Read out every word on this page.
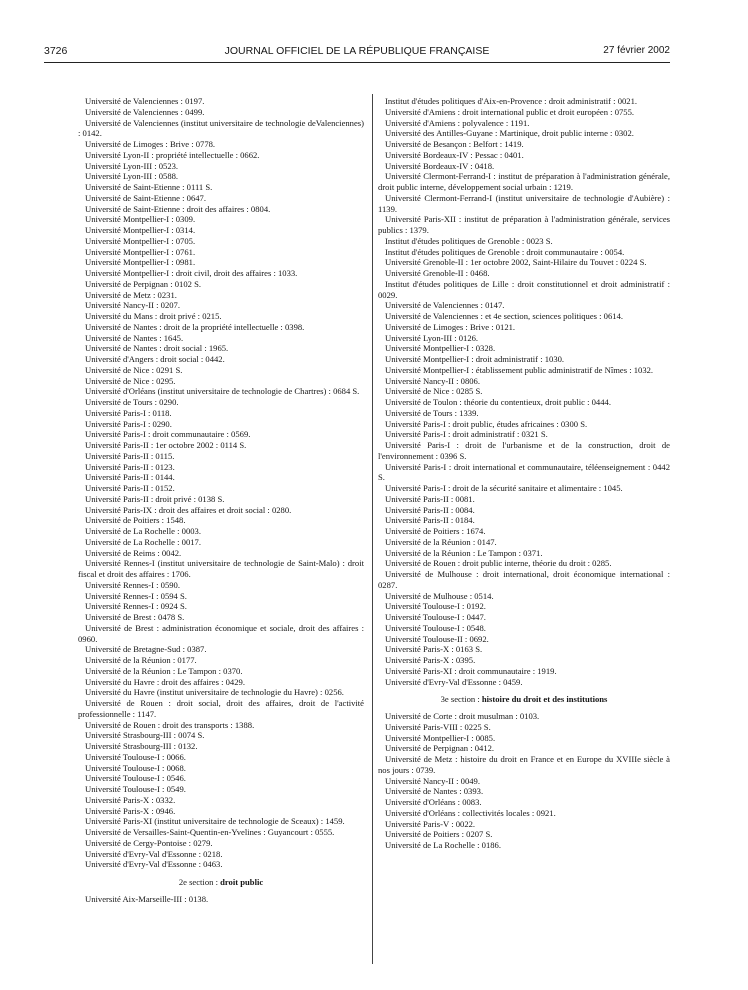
3726	JOURNAL OFFICIEL DE LA RÉPUBLIQUE FRANÇAISE	27 février 2002

Université de Valenciennes : 0197.

Université de Valenciennes : 0499.

Université de Valenciennes (institut universitaire de technologie deValenciennes) : 0142.

Université de Limoges : Brive : 0778.

Université Lyon-II : propriété intellectuelle : 0662.

Université Lyon-III : 0523.

Université Lyon-III : 0588.

Université de Saint-Etienne : 0111 S.

Université de Saint-Etienne : 0647.

Université de Saint-Etienne : droit des affaires : 0804.

Université Montpellier-I : 0309.

Université Montpellier-I : 0314.

Université Montpellier-I : 0705.

Université Montpellier-I : 0761.

Université Montpellier-I : 0981.

Université Montpellier-I : droit civil, droit des affaires : 1033.

Université de Perpignan : 0102 S.

Université de Metz : 0231.

Université Nancy-II : 0207.

Université du Mans : droit privé : 0215.

Université de Nantes : droit de la propriété intellectuelle : 0398.

Université de Nantes : 1645.

Université de Nantes : droit social : 1965.

Université d'Angers : droit social : 0442.

Université de Nice : 0291 S.

Université de Nice : 0295.

Université d'Orléans (institut universitaire de technologie de Chartres) : 0684 S.

Université de Tours : 0290.

Université Paris-I : 0118.

Université Paris-I : 0290.

Université Paris-I : droit communautaire : 0569.

Université Paris-II : 1er octobre 2002 : 0114 S.

Université Paris-II : 0115.

Université Paris-II : 0123.

Université Paris-II : 0144.

Université Paris-II : 0152.

Université Paris-II : droit privé : 0138 S.

Université Paris-IX : droit des affaires et droit social : 0280.

Université de Poitiers : 1548.

Université de La Rochelle : 0003.

Université de La Rochelle : 0017.

Université de Reims : 0042.

Université Rennes-I (institut universitaire de technologie de Saint-Malo) : droit fiscal et droit des affaires : 1706.

Université Rennes-I : 0590.

Université Rennes-I : 0594 S.

Université Rennes-I : 0924 S.

Université de Brest : 0478 S.

Université de Brest : administration économique et sociale, droit des affaires : 0960.

Université de Bretagne-Sud : 0387.

Université de la Réunion : 0177.

Université de la Réunion : Le Tampon : 0370.

Université du Havre : droit des affaires : 0429.

Université du Havre (institut universitaire de technologie du Havre) : 0256.

Université de Rouen : droit social, droit des affaires, droit de l'activité professionnelle : 1147.

Université de Rouen : droit des transports : 1388.

Université Strasbourg-III : 0074 S.

Université Strasbourg-III : 0132.

Université Toulouse-I : 0066.

Université Toulouse-I : 0068.

Université Toulouse-I : 0546.

Université Toulouse-I : 0549.

Université Paris-X : 0332.

Université Paris-X : 0946.

Université Paris-XI (institut universitaire de technologie de Sceaux) : 1459.

Université de Versailles-Saint-Quentin-en-Yvelines : Guyancourt : 0555.

Université de Cergy-Pontoise : 0279.

Université d'Evry-Val d'Essonne : 0218.

Université d'Evry-Val d'Essonne : 0463.

2e section : droit public

Université Aix-Marseille-III : 0138.

Institut d'études politiques d'Aix-en-Provence : droit administratif : 0021.

Université d'Amiens : droit international public et droit européen : 0755.

Université d'Amiens : polyvalence : 1191.

Université des Antilles-Guyane : Martinique, droit public interne : 0302.

Université de Besançon : Belfort : 1419.

Université Bordeaux-IV : Pessac : 0401.

Université Bordeaux-IV : 0418.

Université Clermont-Ferrand-I : institut de préparation à l'administration générale, droit public interne, développement social urbain : 1219.

Université Clermont-Ferrand-I (institut universitaire de technologie d'Aubière) : 1139.

Université Paris-XII : institut de préparation à l'administration générale, services publics : 1379.

Institut d'études politiques de Grenoble : 0023 S.

Institut d'études politiques de Grenoble : droit communautaire : 0054.

Université Grenoble-II : 1er octobre 2002, Saint-Hilaire du Touvet : 0224 S.

Université Grenoble-II : 0468.

Institut d'études politiques de Lille : droit constitutionnel et droit administratif : 0029.

Université de Valenciennes : 0147.

Université de Valenciennes : et 4e section, sciences politiques : 0614.

Université de Limoges : Brive : 0121.

Université Lyon-III : 0126.

Université Montpellier-I : 0328.

Université Montpellier-I : droit administratif : 1030.

Université Montpellier-I : établissement public administratif de Nîmes : 1032.

Université Nancy-II : 0806.

Université de Nice : 0285 S.

Université de Toulon : théorie du contentieux, droit public : 0444.

Université de Tours : 1339.

Université Paris-I : droit public, études africaines : 0300 S.

Université Paris-I : droit administratif : 0321 S.

Université Paris-I : droit de l'urbanisme et de la construction, droit de l'environnement : 0396 S.

Université Paris-I : droit international et communautaire, téléenseignement : 0442 S.

Université Paris-I : droit de la sécurité sanitaire et alimentaire : 1045.

Université Paris-II : 0081.

Université Paris-II : 0084.

Université Paris-II : 0184.

Université de Poitiers : 1674.

Université de la Réunion : 0147.

Université de la Réunion : Le Tampon : 0371.

Université de Rouen : droit public interne, théorie du droit : 0285.

Université de Mulhouse : droit international, droit économique international : 0287.

Université de Mulhouse : 0514.

Université Toulouse-I : 0192.

Université Toulouse-I : 0447.

Université Toulouse-I : 0548.

Université Toulouse-II : 0692.

Université Paris-X : 0163 S.

Université Paris-X : 0395.

Université Paris-XI : droit communautaire : 1919.

Université d'Evry-Val d'Essonne : 0459.

3e section : histoire du droit et des institutions

Université de Corte : droit musulman : 0103.

Université Paris-VIII : 0225 S.

Université Montpellier-I : 0085.

Université de Perpignan : 0412.

Université de Metz : histoire du droit en France et en Europe du XVIIIe siècle à nos jours : 0739.

Université Nancy-II : 0049.

Université de Nantes : 0393.

Université d'Orléans : 0083.

Université d'Orléans : collectivités locales : 0921.

Université Paris-V : 0022.

Université de Poitiers : 0207 S.

Université de La Rochelle : 0186.
